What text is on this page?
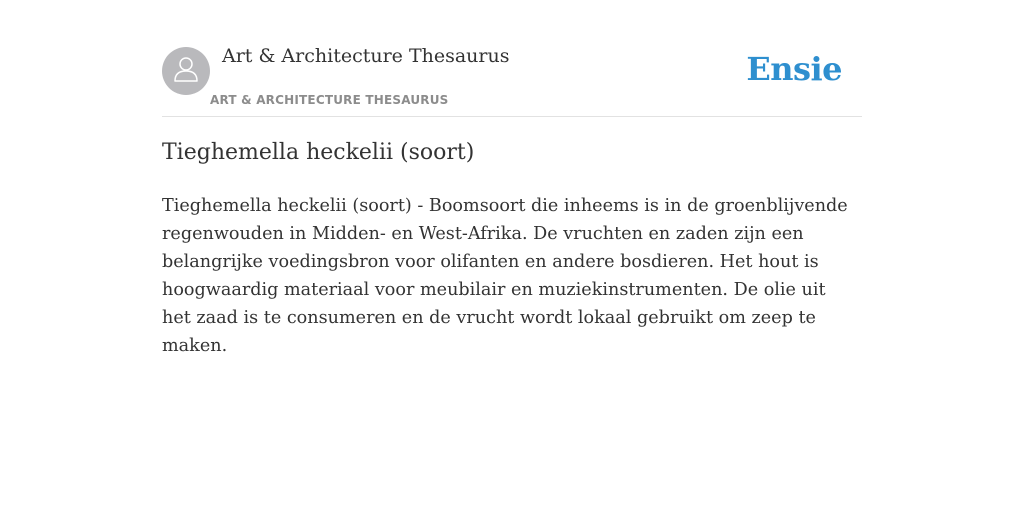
Art & Architecture Thesaurus
ART & ARCHITECTURE THESAURUS
Ensie
Tieghemella heckelii (soort)

Tieghemella heckelii (soort) - Boomsoort die inheems is in de groenblijvende regenwouden in Midden- en West-Afrika. De vruchten en zaden zijn een belangrijke voedingsbron voor olifanten en andere bosdieren. Het hout is hoogwaardig materiaal voor meubilair en muziekinstrumenten. De olie uit het zaad is te consumeren en de vrucht wordt lokaal gebruikt om zeep te maken.
